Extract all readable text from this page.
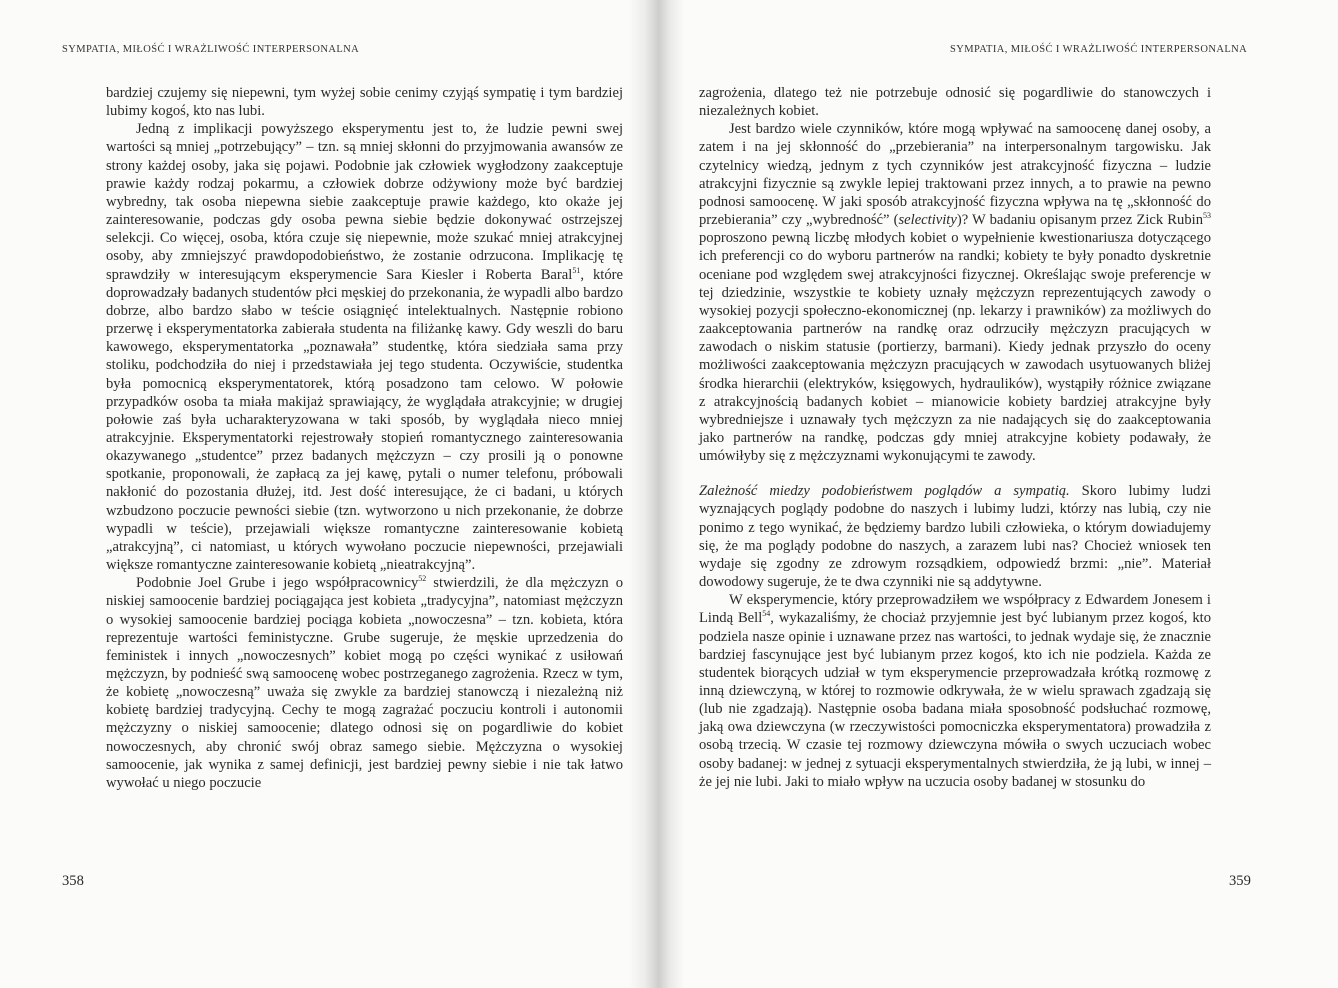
SYMPATIA, MIŁOŚĆ I WRAŻLIWOŚĆ INTERPERSONALNA

bardziej czujemy się niepewni, tym wyżej sobie cenimy czyjąś sympatię i tym bardziej lubimy kogoś, kto nas lubi.

Jedną z implikacji powyższego eksperymentu jest to, że ludzie pewni swej wartości są mniej „potrzebujący” – tzn. są mniej skłonni do przyjmowania awansów ze strony każdej osoby, jaka się pojawi. Podobnie jak człowiek wygłodzony zaakceptuje prawie każdy rodzaj pokarmu, a człowiek dobrze odżywiony może być bardziej wybredny, tak osoba niepewna siebie zaakceptuje prawie każdego, kto okaże jej zainteresowanie, podczas gdy osoba pewna siebie będzie dokonywać ostrzejszej selekcji. Co więcej, osoba, która czuje się niepewnie, może szukać mniej atrakcyjnej osoby, aby zmniejszyć prawdopodobieństwo, że zostanie odrzucona. Implikację tę sprawdziły w interesującym eksperymencie Sara Kiesler i Roberta Baral$^{51}$, które doprowadzały badanych studentów płci męskiej do przekonania, że wypadli albo bardzo dobrze, albo bardzo słabo w teście osiągnięć intelektualnych. Następnie robiono przerwę i eksperymentatorka zabierała studenta na filiżankę kawy. Gdy weszli do baru kawowego, eksperymentatorka „poznawała” studentkę, która siedziała sama przy stoliku, podchodziła do niej i przedstawiała jej tego studenta. Oczywiście, studentka była pomocnicą eksperymentatorek, którą posadzono tam celowo. W połowie przypadków osoba ta miała makijaż sprawiający, że wyglądała atrakcyjnie; w drugiej połowie zaś była ucharakteryzowana w taki sposób, by wyglądała nieco mniej atrakcyjnie. Eksperymentatorki rejestrowały stopień romantycznego zainteresowania okazywanego „studentce” przez badanych mężczyzn – czy prosili ją o ponowne spotkanie, proponowali, że zapłacą za jej kawę, pytali o numer telefonu, próbowali nakłonić do pozostania dłużej, itd. Jest dość interesujące, że ci badani, u których wzbudzono poczucie pewności siebie (tzn. wytworzono u nich przekonanie, że dobrze wypadli w teście), przejawiali większe romantyczne zainteresowanie kobietą „atrakcyjną”, ci natomiast, u których wywołano poczucie niepewności, przejawiali większe romantyczne zainteresowanie kobietą „nieatrakcyjną”.

Podobnie Joel Grube i jego współpracownicy$^{52}$ stwierdzili, że dla mężczyzn o niskiej samoocenie bardziej pociągająca jest kobieta „tradycyjna”, natomiast mężczyzn o wysokiej samoocenie bardziej pociąga kobieta „nowoczesna” – tzn. kobieta, która reprezentuje wartości feministyczne. Grube sugeruje, że męskie uprzedzenia do feministek i innych „nowoczesnych” kobiet mogą po części wynikać z usiłowań mężczyzn, by podnieść swą samoocenę wobec postrzeganego zagrożenia. Rzecz w tym, że kobietę „nowoczesną” uważa się zwykle za bardziej stanowczą i niezależną niż kobietę bardziej tradycyjną. Cechy te mogą zagrażać poczuciu kontroli i autonomii mężczyzny o niskiej samoocenie; dlatego odnosi się on pogardliwie do kobiet nowoczesnych, aby chronić swój obraz samego siebie. Mężczyzna o wysokiej samoocenie, jak wynika z samej definicji, jest bardziej pewny siebie i nie tak łatwo wywołać u niego poczucie

358
SYMPATIA, MIŁOŚĆ I WRAŻLIWOŚĆ INTERPERSONALNA

zagrożenia, dlatego też nie potrzebuje odnosić się pogardliwie do stanowczych i niezależnych kobiet.

Jest bardzo wiele czynników, które mogą wpływać na samoocenę danej osoby, a zatem i na jej skłonność do „przebierania” na interpersonalnym targowisku. Jak czytelnicy wiedzą, jednym z tych czynników jest atrakcyjność fizyczna – ludzie atrakcyjni fizycznie są zwykle lepiej traktowani przez innych, a to prawie na pewno podnosi samoocenę. W jaki sposób atrakcyjność fizyczna wpływa na tę „skłonność do przebierania” czy „wybredność” (selectivity)? W badaniu opisanym przez Zick Rubin$^{53}$ poproszono pewną liczbę młodych kobiet o wypełnienie kwestionariusza dotyczącego ich preferencji co do wyboru partnerów na randki; kobiety te były ponadto dyskretnie oceniane pod względem swej atrakcyjności fizycznej. Określając swoje preferencje w tej dziedzinie, wszystkie te kobiety uznały mężczyzn reprezentujących zawody o wysokiej pozycji społeczno-ekonomicznej (np. lekarzy i prawników) za możliwych do zaakceptowania partnerów na randkę oraz odrzuciły mężczyzn pracujących w zawodach o niskim statusie (portierzy, barmani). Kiedy jednak przyszło do oceny możliwości zaakceptowania mężczyzn pracujących w zawodach usytuowanych bliżej środka hierarchii (elektryków, księgowych, hydraulików), wystąpiły różnice związane z atrakcyjnością badanych kobiet – mianowicie kobiety bardziej atrakcyjne były wybredniejsze i uznawały tych mężczyzn za nie nadających się do zaakceptowania jako partnerów na randkę, podczas gdy mniej atrakcyjne kobiety podawały, że umówiłyby się z mężczyznami wykonującymi te zawody.

Zależność miedzy podobieństwem poglądów a sympatią. Skoro lubimy ludzi wyznających poglądy podobne do naszych i lubimy ludzi, którzy nas lubią, czy nie ponimo z tego wynikać, że będziemy bardzo lubili człowieka, o którym dowiadujemy się, że ma poglądy podobne do naszych, a zarazem lubi nas? Chocież wniosek ten wydaje się zgodny ze zdrowym rozsądkiem, odpowiedź brzmi: „nie”. Materiał dowodowy sugeruje, że te dwa czynniki nie są addytywne.

W eksperymencie, który przeprowadziłem we współpracy z Edwardem Jonesem i Lindą Bell$^{54}$, wykazaliśmy, że chociaż przyjemnie jest być lubianym przez kogoś, kto podziela nasze opinie i uznawane przez nas wartości, to jednak wydaje się, że znacznie bardziej fascynujące jest być lubianym przez kogoś, kto ich nie podziela. Każda ze studentek biorących udział w tym eksperymencie przeprowadzała krótką rozmowę z inną dziewczyną, w której to rozmowie odkrywała, że w wielu sprawach zgadzają się (lub nie zgadzają). Następnie osoba badana miała sposobność podsłuchać rozmowę, jaką owa dziewczyna (w rzeczywistości pomocniczka eksperymentatora) prowadziła z osobą trzecią. W czasie tej rozmowy dziewczyna mówiła o swych uczuciach wobec osoby badanej: w jednej z sytuacji eksperymentalnych stwierdziła, że ją lubi, w innej – że jej nie lubi. Jaki to miało wpływ na uczucia osoby badanej w stosunku do

359
